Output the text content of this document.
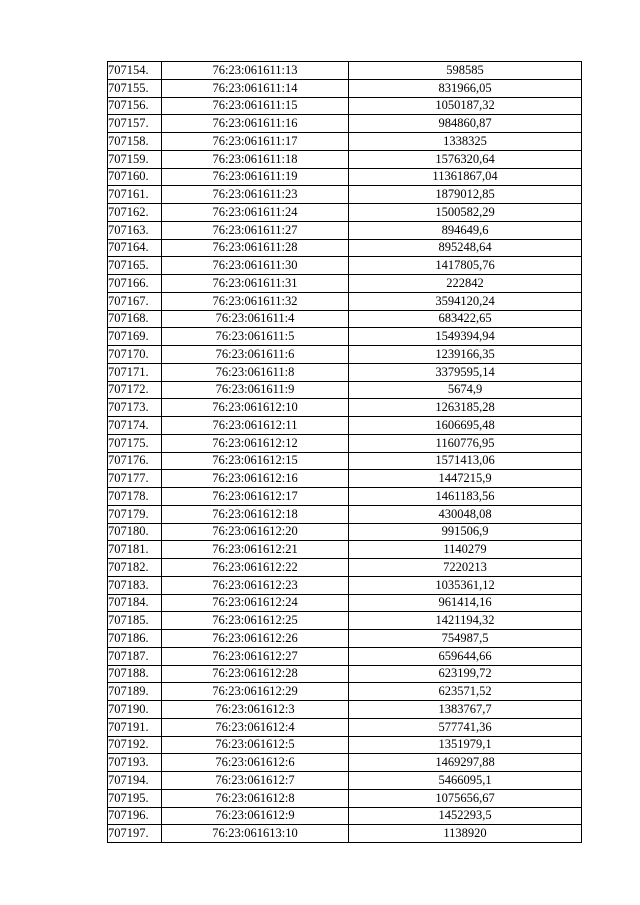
707154.	76:23:061611:13	598585
707155.	76:23:061611:14	831966,05
707156.	76:23:061611:15	1050187,32
707157.	76:23:061611:16	984860,87
707158.	76:23:061611:17	1338325
707159.	76:23:061611:18	1576320,64
707160.	76:23:061611:19	11361867,04
707161.	76:23:061611:23	1879012,85
707162.	76:23:061611:24	1500582,29
707163.	76:23:061611:27	894649,6
707164.	76:23:061611:28	895248,64
707165.	76:23:061611:30	1417805,76
707166.	76:23:061611:31	222842
707167.	76:23:061611:32	3594120,24
707168.	76:23:061611:4	683422,65
707169.	76:23:061611:5	1549394,94
707170.	76:23:061611:6	1239166,35
707171.	76:23:061611:8	3379595,14
707172.	76:23:061611:9	5674,9
707173.	76:23:061612:10	1263185,28
707174.	76:23:061612:11	1606695,48
707175.	76:23:061612:12	1160776,95
707176.	76:23:061612:15	1571413,06
707177.	76:23:061612:16	1447215,9
707178.	76:23:061612:17	1461183,56
707179.	76:23:061612:18	430048,08
707180.	76:23:061612:20	991506,9
707181.	76:23:061612:21	1140279
707182.	76:23:061612:22	7220213
707183.	76:23:061612:23	1035361,12
707184.	76:23:061612:24	961414,16
707185.	76:23:061612:25	1421194,32
707186.	76:23:061612:26	754987,5
707187.	76:23:061612:27	659644,66
707188.	76:23:061612:28	623199,72
707189.	76:23:061612:29	623571,52
707190.	76:23:061612:3	1383767,7
707191.	76:23:061612:4	577741,36
707192.	76:23:061612:5	1351979,1
707193.	76:23:061612:6	1469297,88
707194.	76:23:061612:7	5466095,1
707195.	76:23:061612:8	1075656,67
707196.	76:23:061612:9	1452293,5
707197.	76:23:061613:10	1138920
